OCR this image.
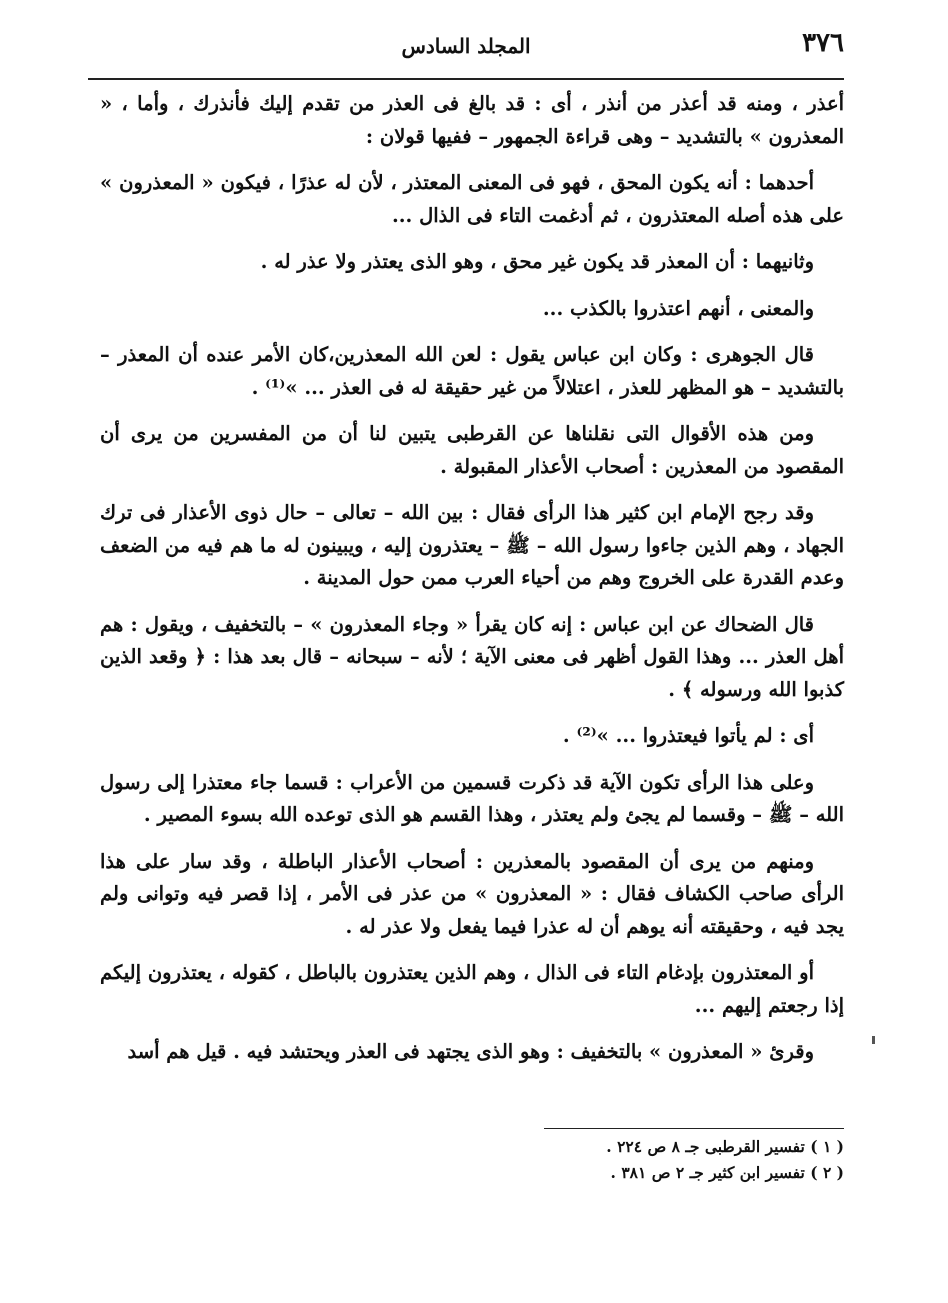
٣٧٦
المجلد السادس

أعذر ، ومنه قد أعذر من أنذر ، أى : قد بالغ فى العذر من تقدم إليك فأنذرك ، وأما ، « المعذرون » بالتشديد – وهى قراءة الجمهور – ففيها قولان :

أحدهما : أنه يكون المحق ، فهو فى المعنى المعتذر ، لأن له عذرًا ، فيكون « المعذرون » على هذه أصله المعتذرون ، ثم أدغمت التاء فى الذال ...

وثانيهما : أن المعذر قد يكون غير محق ، وهو الذى يعتذر ولا عذر له .

والمعنى ، أنهم اعتذروا بالكذب ...

قال الجوهرى : وكان ابن عباس يقول : لعن الله المعذرين،كان الأمر عنده أن المعذر – بالتشديد – هو المظهر للعذر ، اعتلالاً من غير حقيقة له فى العذر ... »⁽¹⁾ .

ومن هذه الأقوال التى نقلناها عن القرطبى يتبين لنا أن من المفسرين من يرى أن المقصود من المعذرين : أصحاب الأعذار المقبولة .

وقد رجح الإمام ابن كثير هذا الرأى فقال : بين الله – تعالى – حال ذوى الأعذار فى ترك الجهاد ، وهم الذين جاءوا رسول الله – ﷺ – يعتذرون إليه ، ويبينون له ما هم فيه من الضعف وعدم القدرة على الخروج وهم من أحياء العرب ممن حول المدينة .

قال الضحاك عن ابن عباس : إنه كان يقرأ « وجاء المعذرون » – بالتخفيف ، ويقول : هم أهل العذر ... وهذا القول أظهر فى معنى الآية ؛ لأنه – سبحانه – قال بعد هذا : ﴿ وقعد الذين كذبوا الله ورسوله ﴾ .

أى : لم يأتوا فيعتذروا ... »⁽²⁾ .

وعلى هذا الرأى تكون الآية قد ذكرت قسمين من الأعراب : قسما جاء معتذرا إلى رسول الله – ﷺ – وقسما لم يجئ ولم يعتذر ، وهذا القسم هو الذى توعده الله بسوء المصير .

ومنهم من يرى أن المقصود بالمعذرين : أصحاب الأعذار الباطلة ، وقد سار على هذا الرأى صاحب الكشاف فقال : « المعذرون » من عذر فى الأمر ، إذا قصر فيه وتوانى ولم يجد فيه ، وحقيقته أنه يوهم أن له عذرا فيما يفعل ولا عذر له .

أو المعتذرون بإدغام التاء فى الذال ، وهم الذين يعتذرون بالباطل ، كقوله ، يعتذرون إليكم إذا رجعتم إليهم ...

وقرئ « المعذرون » بالتخفيف : وهو الذى يجتهد فى العذر ويحتشد فيه . قيل هم أسد

( ١ ) تفسير القرطبى جـ ٨ ص ٢٢٤ .

( ٢ ) تفسير ابن كثير جـ ٢ ص ٣٨١ .
